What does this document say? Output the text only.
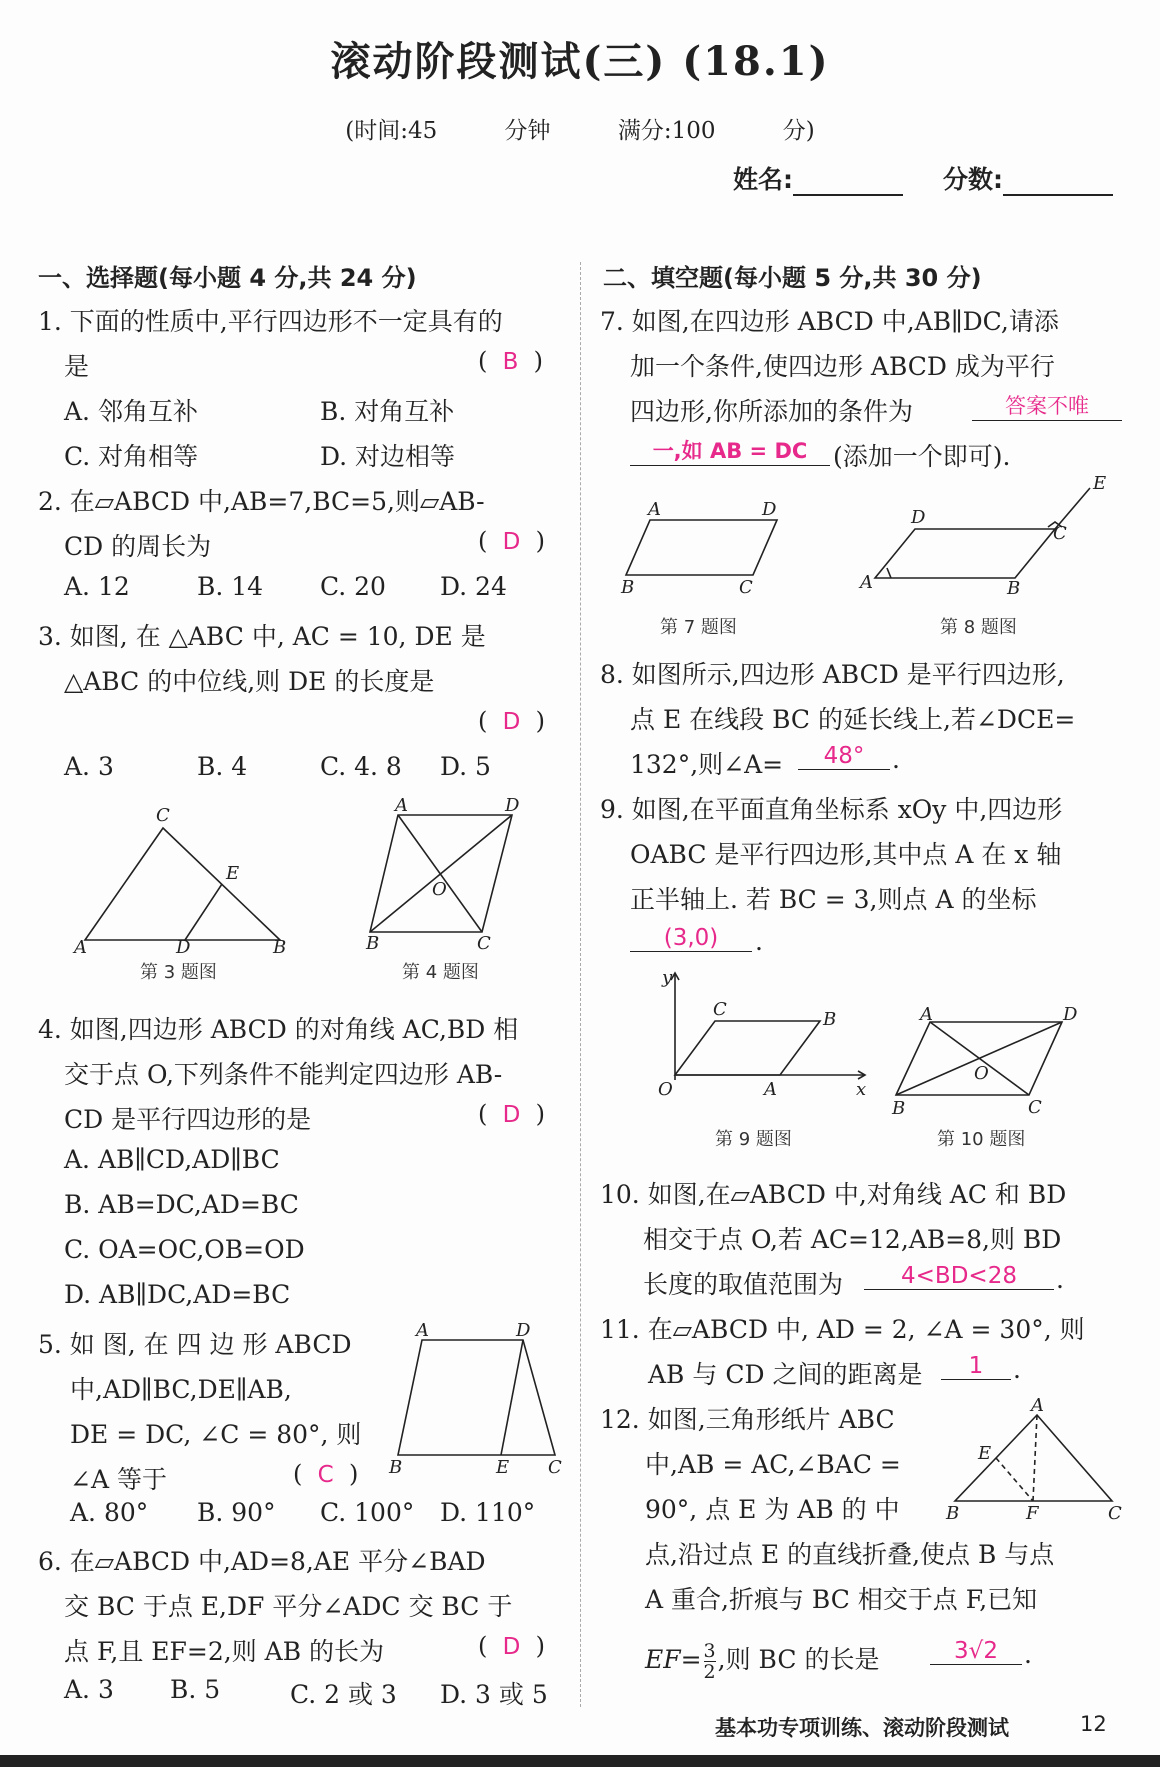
滚动阶段测试(三) (18.1)
(时间:45 分钟 满分:100 分)
姓名:	分数:
一、选择题(每小题 4 分,共 24 分)
1. 下面的性质中,平行四边形不一定具有的
是	(  B  )
A. 邻角互补	B. 对角互补
C. 对角相等	D. 对边相等
2. 在▱ABCD 中,AB=7,BC=5,则▱AB-
CD 的周长为	(  D  )
A. 12	B. 14 C. 20 D. 24
3. 如图, 在 △ABC 中, AC = 10, DE 是
△ABC 的中位线,则 DE 的长度是
(  D  )
A. 3	B. 4	C. 4. 8 D. 5
C
E
A	D	B
第 3 题图
A	D
B	C
O
第 4 题图
4. 如图,四边形 ABCD 的对角线 AC,BD 相
交于点 O,下列条件不能判定四边形 AB-
CD 是平行四边形的是	(  D  )
A. AB∥CD,AD∥BC
B. AB=DC,AD=BC
C. OA=OC,OB=OD
D. AB∥DC,AD=BC
5. 如 图, 在 四 边 形 ABCD
中,AD∥BC,DE∥AB,
DE = DC, ∠C = 80°, 则
∠A 等于	(  C  )
A	D
B	E C
A. 80° B. 90° C. 100° D. 110°
6. 在▱ABCD 中,AD=8,AE 平分∠BAD
交 BC 于点 E,DF 平分∠ADC 交 BC 于
点 F,且 EF=2,则 AB 的长为	(  D  )
A. 3 B. 5	C. 2 或 3 D. 3 或 5
二、填空题(每小题 5 分,共 30 分)
7. 如图,在四边形 ABCD 中,AB∥DC,请添
加一个条件,使四边形 ABCD 成为平行
四边形,你所添加的条件为	答案不唯
一,如 AB = DC	(添加一个即可).
A	D
B	C
第 7 题图
D
E
C
A	B
第 8 题图
8. 如图所示,四边形 ABCD 是平行四边形,
点 E 在线段 BC 的延长线上,若∠DCE=
132°,则∠A=	48°	.
9. 如图,在平面直角坐标系 xOy 中,四边形
OABC 是平行四边形,其中点 A 在 x 轴
正半轴上. 若 BC = 3,则点 A 的坐标
(3,0)	.
y
x
O	A
C	B
第 9 题图
A	D
B	C
O
第 10 题图
10. 如图,在▱ABCD 中,对角线 AC 和 BD
相交于点 O,若 AC=12,AB=8,则 BD
长度的取值范围为	4<BD<28	.
11. 在▱ABCD 中, AD = 2, ∠A = 30°, 则
AB 与 CD 之间的距离是	1	.
12. 如图,三角形纸片 ABC
中,AB = AC,∠BAC =
90°, 点 E 为 AB 的 中
点,沿过点 E 的直线折叠,使点 B 与点
A 重合,折痕与 BC 相交于点 F,已知
A
E
B	F	C
$EF= \frac{3}{2}$ ,则 BC 的长是	3√2	.
基本功专项训练、滚动阶段测试	12
